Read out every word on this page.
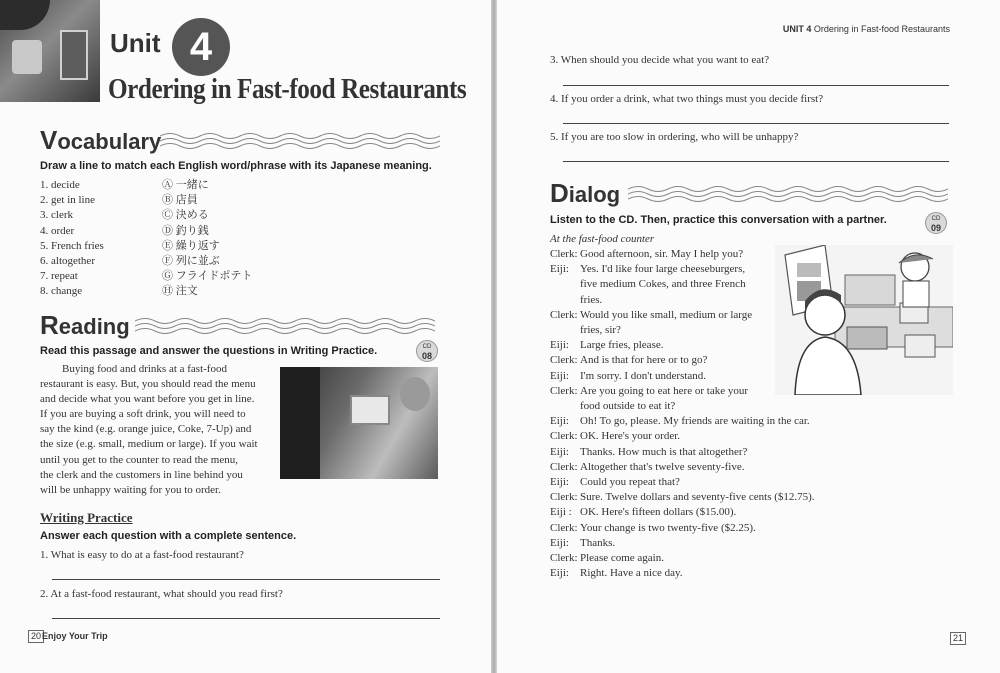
Unit 4
Ordering in Fast-food Restaurants
Vocabulary
Draw a line to match each English word/phrase with its Japanese meaning.
1. decide
2. get in line
3. clerk
4. order
5. French fries
6. altogether
7. repeat
8. change
Ⓐ 一緒に
Ⓑ 店員
Ⓒ 決める
Ⓓ 釣り銭
Ⓔ 繰り返す
Ⓕ 列に並ぶ
Ⓖ フライドポテト
Ⓗ 注文
Reading
Read this passage and answer the questions in Writing Practice.	CD
08
Buying food and drinks at a fast-food
restaurant is easy. But, you should read the menu
and decide what you want before you get in line.
If you are buying a soft drink, you will need to
say the kind (e.g. orange juice, Coke, 7-Up) and
the size (e.g. small, medium or large). If you wait
until you get to the counter to read the menu,
the clerk and the customers in line behind you
will be unhappy waiting for you to order.
Writing Practice
Answer each question with a complete sentence.
1. What is easy to do at a fast-food restaurant?
2. At a fast-food restaurant, what should you read first?
20 Enjoy Your Trip
UNIT 4 Ordering in Fast-food Restaurants
3. When should you decide what you want to eat?
4. If you order a drink, what two things must you decide first?
5. If you are too slow in ordering, who will be unhappy?
Dialog
Listen to the CD. Then, practice this conversation with a partner.	CD
09
At the fast-food counter
Clerk: Good afternoon, sir. May I help you?
Eiji: Yes. I'd like four large cheeseburgers,
five medium Cokes, and three French
fries.
Clerk: Would you like small, medium or large
fries, sir?
Eiji: Large fries, please.
Clerk: And is that for here or to go?
Eiji: I'm sorry. I don't understand.
Clerk: Are you going to eat here or take your
food outside to eat it?
Eiji: Oh! To go, please. My friends are waiting in the car.
Clerk: OK. Here's your order.
Eiji: Thanks. How much is that altogether?
Clerk: Altogether that's twelve seventy-five.
Eiji: Could you repeat that?
Clerk: Sure. Twelve dollars and seventy-five cents ($12.75).
Eiji : OK. Here's fifteen dollars ($15.00).
Clerk: Your change is two twenty-five ($2.25).
Eiji: Thanks.
Clerk: Please come again.
Eiji: Right. Have a nice day.
21
